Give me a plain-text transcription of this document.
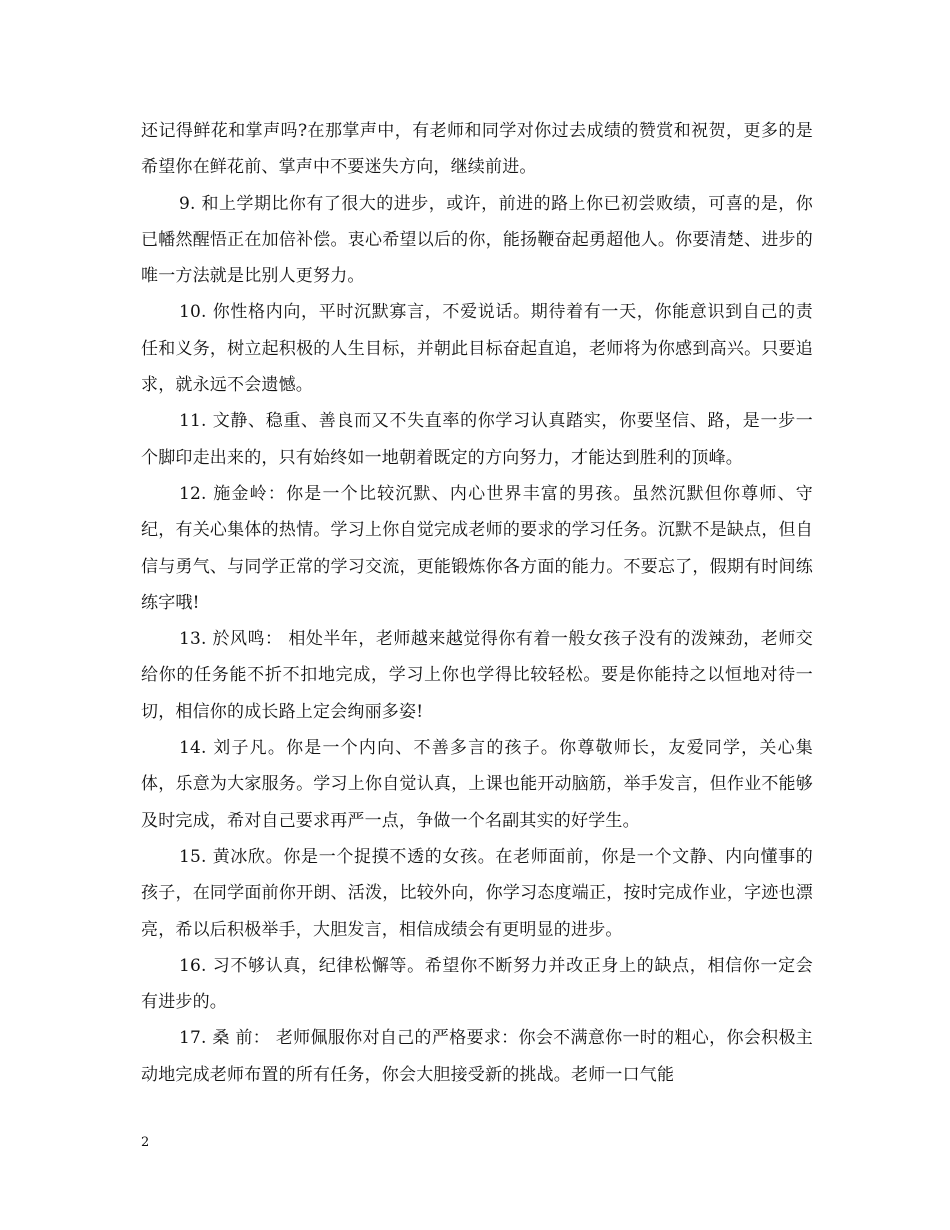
还记得鲜花和掌声吗?在那掌声中，有老师和同学对你过去成绩的赞赏和祝贺，更多的是希望你在鲜花前、掌声中不要迷失方向，继续前进。

9. 和上学期比你有了很大的进步，或许，前进的路上你已初尝败绩，可喜的是，你已幡然醒悟正在加倍补偿。衷心希望以后的你，能扬鞭奋起勇超他人。你要清楚、进步的唯一方法就是比别人更努力。

10. 你性格内向，平时沉默寡言，不爱说话。期待着有一天，你能意识到自己的责任和义务，树立起积极的人生目标，并朝此目标奋起直追，老师将为你感到高兴。只要追求，就永远不会遗憾。

11. 文静、稳重、善良而又不失直率的你学习认真踏实，你要坚信、路，是一步一个脚印走出来的，只有始终如一地朝着既定的方向努力，才能达到胜利的顶峰。

12. 施金岭：你是一个比较沉默、内心世界丰富的男孩。虽然沉默但你尊师、守纪，有关心集体的热情。学习上你自觉完成老师的要求的学习任务。沉默不是缺点，但自信与勇气、与同学正常的学习交流，更能锻炼你各方面的能力。不要忘了，假期有时间练练字哦!

13. 於风鸣： 相处半年，老师越来越觉得你有着一般女孩子没有的泼辣劲，老师交给你的任务能不折不扣地完成，学习上你也学得比较轻松。要是你能持之以恒地对待一切，相信你的成长路上定会绚丽多姿!

14. 刘子凡。你是一个内向、不善多言的孩子。你尊敬师长，友爱同学，关心集体，乐意为大家服务。学习上你自觉认真，上课也能开动脑筋，举手发言，但作业不能够及时完成，希对自己要求再严一点，争做一个名副其实的好学生。

15. 黄冰欣。你是一个捉摸不透的女孩。在老师面前，你是一个文静、内向懂事的孩子，在同学面前你开朗、活泼，比较外向，你学习态度端正，按时完成作业，字迹也漂亮，希以后积极举手，大胆发言，相信成绩会有更明显的进步。

16. 习不够认真，纪律松懈等。希望你不断努力并改正身上的缺点，相信你一定会有进步的。

17. 桑 前： 老师佩服你对自己的严格要求：你会不满意你一时的粗心，你会积极主动地完成老师布置的所有任务，你会大胆接受新的挑战。老师一口气能

2
